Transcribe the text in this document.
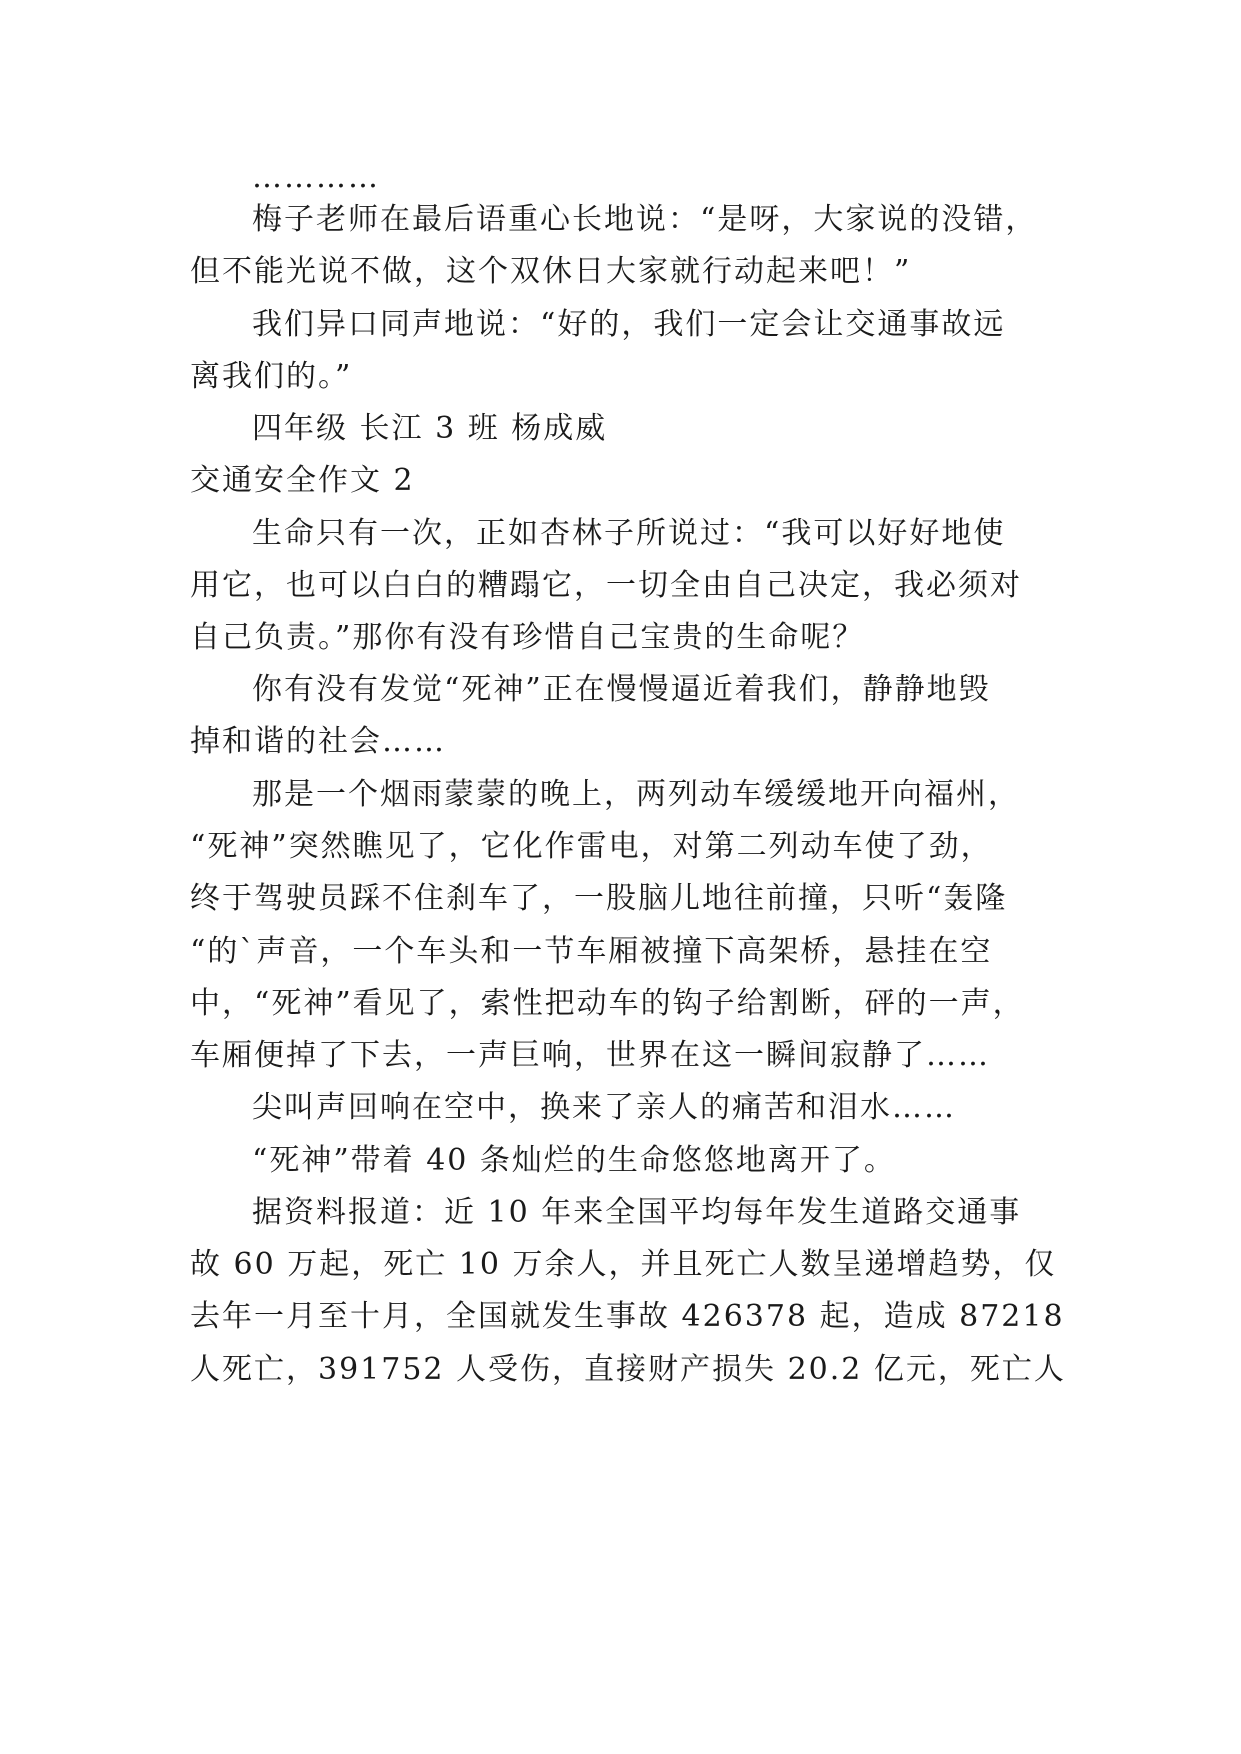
…………
梅子老师在最后语重心长地说：“是呀，大家说的没错，
但不能光说不做，这个双休日大家就行动起来吧！”
我们异口同声地说：“好的，我们一定会让交通事故远
离我们的。”
四年级 长江 3 班 杨成威
交通安全作文 2
生命只有一次，正如杏林子所说过：“我可以好好地使
用它，也可以白白的糟蹋它，一切全由自己决定，我必须对
自己负责。”那你有没有珍惜自己宝贵的生命呢？
你有没有发觉“死神”正在慢慢逼近着我们，静静地毁
掉和谐的社会……
那是一个烟雨蒙蒙的晚上，两列动车缓缓地开向福州，
“死神”突然瞧见了，它化作雷电，对第二列动车使了劲，
终于驾驶员踩不住刹车了，一股脑儿地往前撞，只听“轰隆
“的`声音，一个车头和一节车厢被撞下高架桥，悬挂在空
中，“死神”看见了，索性把动车的钩子给割断，砰的一声，
车厢便掉了下去，一声巨响，世界在这一瞬间寂静了……
尖叫声回响在空中，换来了亲人的痛苦和泪水……
“死神”带着 40 条灿烂的生命悠悠地离开了。
据资料报道：近 10 年来全国平均每年发生道路交通事
故 60 万起，死亡 10 万余人，并且死亡人数呈递增趋势，仅
去年一月至十月，全国就发生事故 426378 起，造成 87218
人死亡，391752 人受伤，直接财产损失 20.2 亿元，死亡人
